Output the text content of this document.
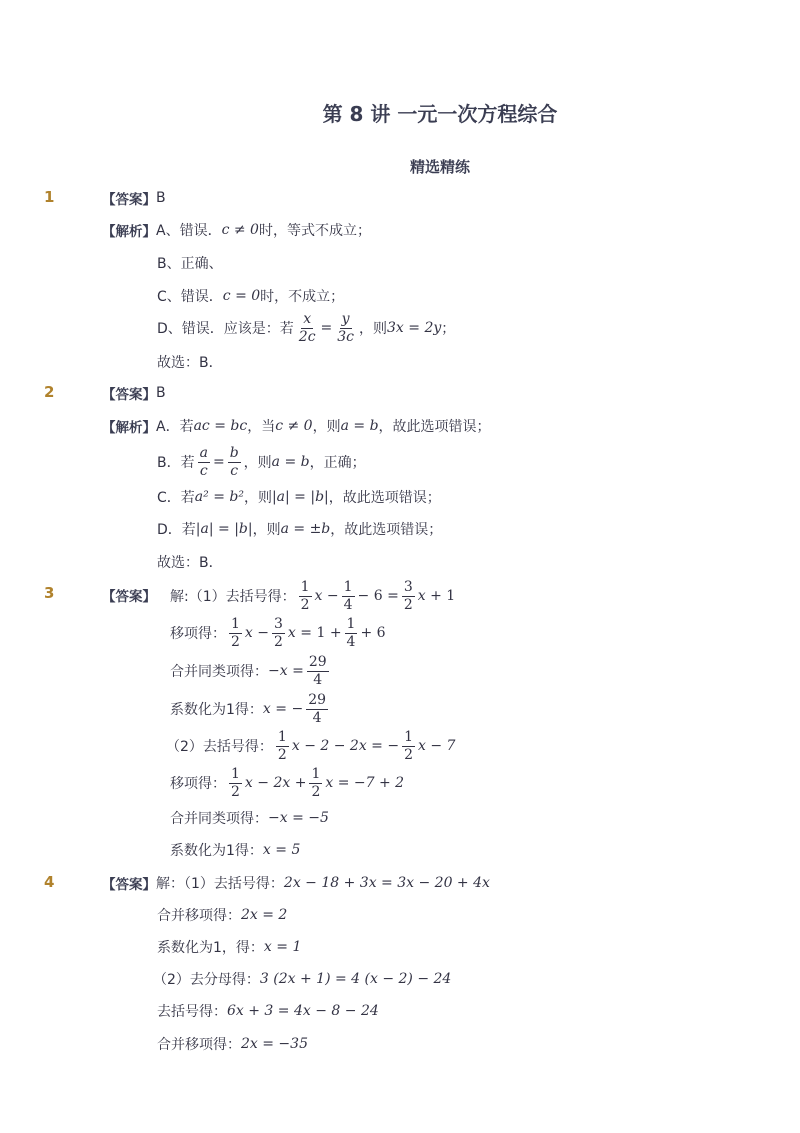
第 8 讲 一元一次方程综合
精选精练
1	【答案】 B
【解析】 A、错误． c ≠ 0 时，等式不成立；
B、正确、
C、错误． c = 0 时，不成立；
D、错误．应该是：若 $\frac{x}{2c} = \frac{y}{3c}$ ，则 3x = 2y ；
故选：B．
2	【答案】 B
【解析】 A．若 ac = bc ，当 c ≠ 0 ，则 a = b ，故此选项错误；
B．若 $\frac{a}{c} = \frac{b}{c}$ ，则 a = b ，正确；
C．若 a² = b² ，则 |a| = |b| ，故此选项错误；
D．若 |a| = |b| ，则 a = ±b ，故此选项错误；
故选：B．
3	【答案】 解:（1）去括号得： $\frac{1}{2}$ $x - \frac{1}{4} - 6 = \frac{3}{2}$ x + 1
移项得： $\frac{1}{2}$ $x - \frac{3}{2}$ $x = 1 + \frac{1}{4} + 6$
合并同类项得： $-x = \frac{29}{4}$
系数化为1得： x = − $\frac{29}{4}$
（2）去括号得： $\frac{1}{2}$ x − 2 − 2x = − $\frac{1}{2}$ x − 7
移项得： $\frac{1}{2}$ $x - 2x + \frac{1}{2}$ x = −7 + 2
合并同类项得： −x = −5
系数化为1得： x = 5
4	【答案】 解：（1）去括号得： 2x − 18 + 3x = 3x − 20 + 4x
合并移项得： 2x = 2
系数化为1，得： x = 1
（2）去分母得： 3 (2x + 1) = 4 (x − 2) − 24
去括号得： 6x + 3 = 4x − 8 − 24
合并移项得： 2x = −35
